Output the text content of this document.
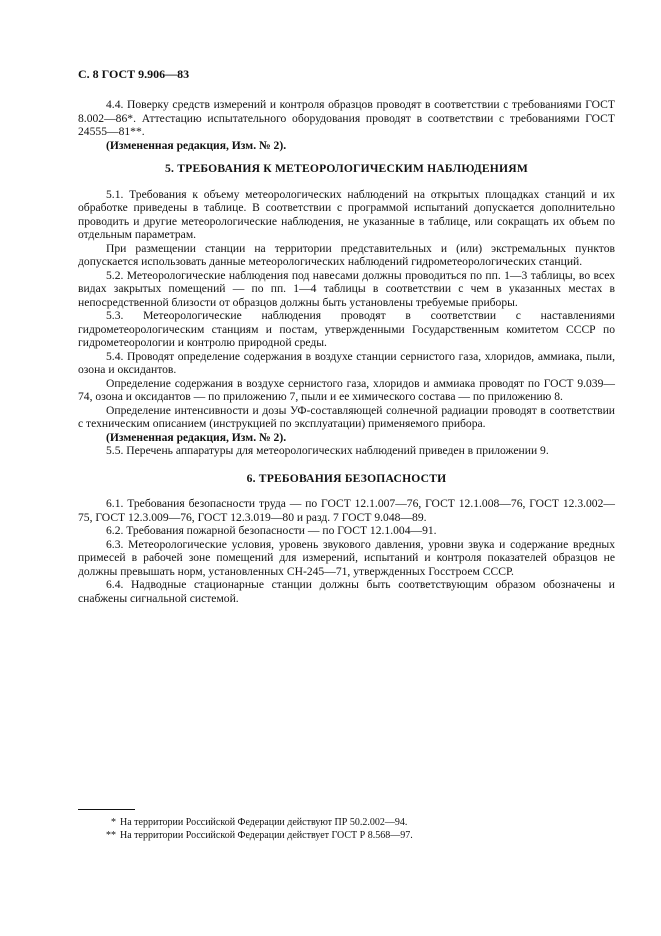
С. 8 ГОСТ 9.906—83

4.4. Поверку средств измерений и контроля образцов проводят в соответствии с требованиями ГОСТ 8.002—86*. Аттестацию испытательного оборудования проводят в соответствии с требованиями ГОСТ 24555—81**.

(Измененная редакция, Изм. № 2).

5. ТРЕБОВАНИЯ К МЕТЕОРОЛОГИЧЕСКИМ НАБЛЮДЕНИЯМ

5.1. Требования к объему метеорологических наблюдений на открытых площадках станций и их обработке приведены в таблице. В соответствии с программой испытаний допускается дополнительно проводить и другие метеорологические наблюдения, не указанные в таблице, или сокращать их объем по отдельным параметрам.

При размещении станции на территории представительных и (или) экстремальных пунктов допускается использовать данные метеорологических наблюдений гидрометеорологических станций.

5.2. Метеорологические наблюдения под навесами должны проводиться по пп. 1—3 таблицы, во всех видах закрытых помещений — по пп. 1—4 таблицы в соответствии с чем в указанных местах в непосредственной близости от образцов должны быть установлены требуемые приборы.

5.3. Метеорологические наблюдения проводят в соответствии с наставлениями гидрометеорологическим станциям и постам, утвержденными Государственным комитетом СССР по гидрометеорологии и контролю природной среды.

5.4. Проводят определение содержания в воздухе станции сернистого газа, хлоридов, аммиака, пыли, озона и оксидантов.

Определение содержания в воздухе сернистого газа, хлоридов и аммиака проводят по ГОСТ 9.039—74, озона и оксидантов — по приложению 7, пыли и ее химического состава — по приложению 8.

Определение интенсивности и дозы УФ-составляющей солнечной радиации проводят в соответствии с техническим описанием (инструкцией по эксплуатации) применяемого прибора.

(Измененная редакция, Изм. № 2).

5.5. Перечень аппаратуры для метеорологических наблюдений приведен в приложении 9.

6. ТРЕБОВАНИЯ БЕЗОПАСНОСТИ

6.1. Требования безопасности труда — по ГОСТ 12.1.007—76, ГОСТ 12.1.008—76, ГОСТ 12.3.002—75, ГОСТ 12.3.009—76, ГОСТ 12.3.019—80 и разд. 7 ГОСТ 9.048—89.

6.2. Требования пожарной безопасности — по ГОСТ 12.1.004—91.

6.3. Метеорологические условия, уровень звукового давления, уровни звука и содержание вредных примесей в рабочей зоне помещений для измерений, испытаний и контроля показателей образцов не должны превышать норм, установленных СН-245—71, утвержденных Госстроем СССР.

6.4. Надводные стационарные станции должны быть соответствующим образом обозначены и снабжены сигнальной системой.

* На территории Российской Федерации действуют ПР 50.2.002—94.
** На территории Российской Федерации действует ГОСТ Р 8.568—97.
